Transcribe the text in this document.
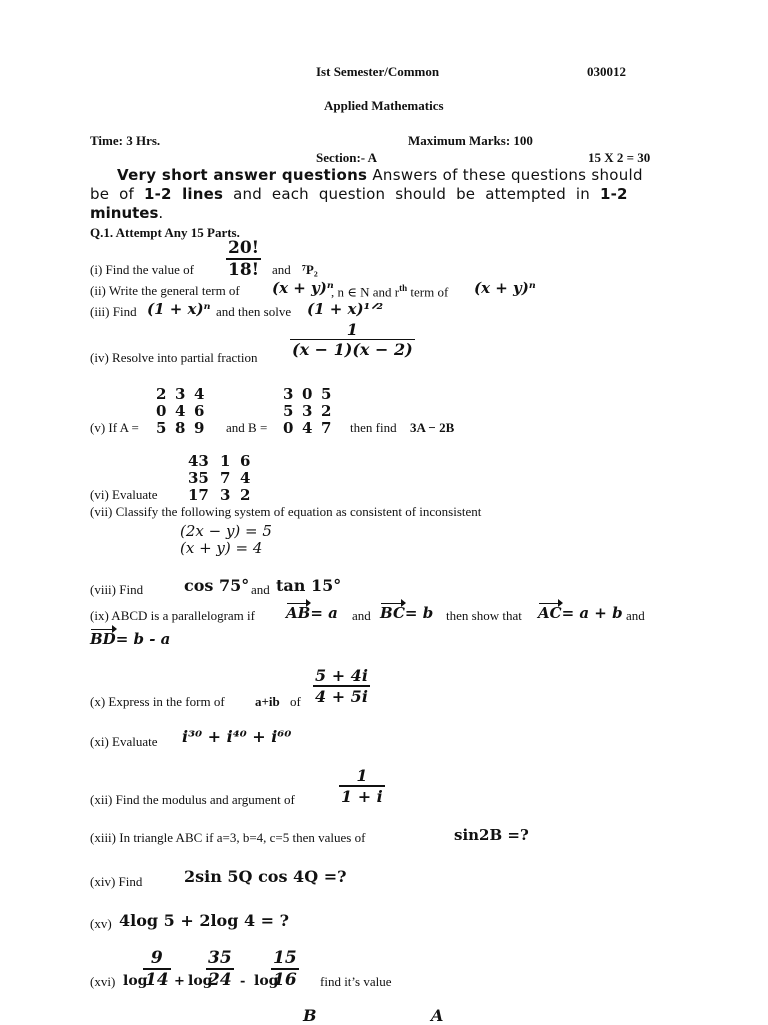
Ist Semester/Common	030012
Applied Mathematics
Time: 3 Hrs.	Maximum Marks: 100
Section:- A	15 X 2 = 30
Very short answer questions Answers of these questions should
be of 1-2 lines and each question should be attempted in 1-2
minutes.
Q.1. Attempt Any 15 Parts.
(i) Find the value of $\frac{20!}{18!}$ and ⁷P₂
(ii) Write the general term of (x + y)ⁿ
, n ∈ N and $r^{th}$ term of (x + y)ⁿ
(iii) Find (1 + x)ⁿ and then solve (1 + x)¹ᐟ²
(iv) Resolve into partial fraction $\frac{1}{(x - 1)(x - 2)}$
(v) If A =
2 3 4
0 4 6
5 8 9 and B =
3 0 5
5 3 2
0 4 7 then find 3A − 2B
(vi) Evaluate
43 1 6
35 7 4
17 3 2
(vii) Classify the following system of equation as consistent of inconsistent
(2x − y) = 5
(x + y) = 4
(viii) Find	cos 75° and tan 15°
(ix) ABCD is a parallelogram if AB= a and BC= b then show that AC= a + b and
BD= b - a
(x) Express in the form of a+ib of $\frac{5 + 4i}{4 + 5i}$
(xi) Evaluate i³⁰ + i⁴⁰ + i⁶⁰
(xii) Find the modulus and argument of	$\frac{1}{1 + i}$
(xiii) In triangle ABC if a=3, b=4, c=5 then values of	sin2B =?
(xiv) Find	2sin 5Q cos 4Q =?
(xv) 4log 5 + 2log 4 = ?
(xvi) log
$\frac{9}{14} + \log$
$\frac{35}{24}$ - log
$\frac{15}{16}$ find it’s value
B	A
